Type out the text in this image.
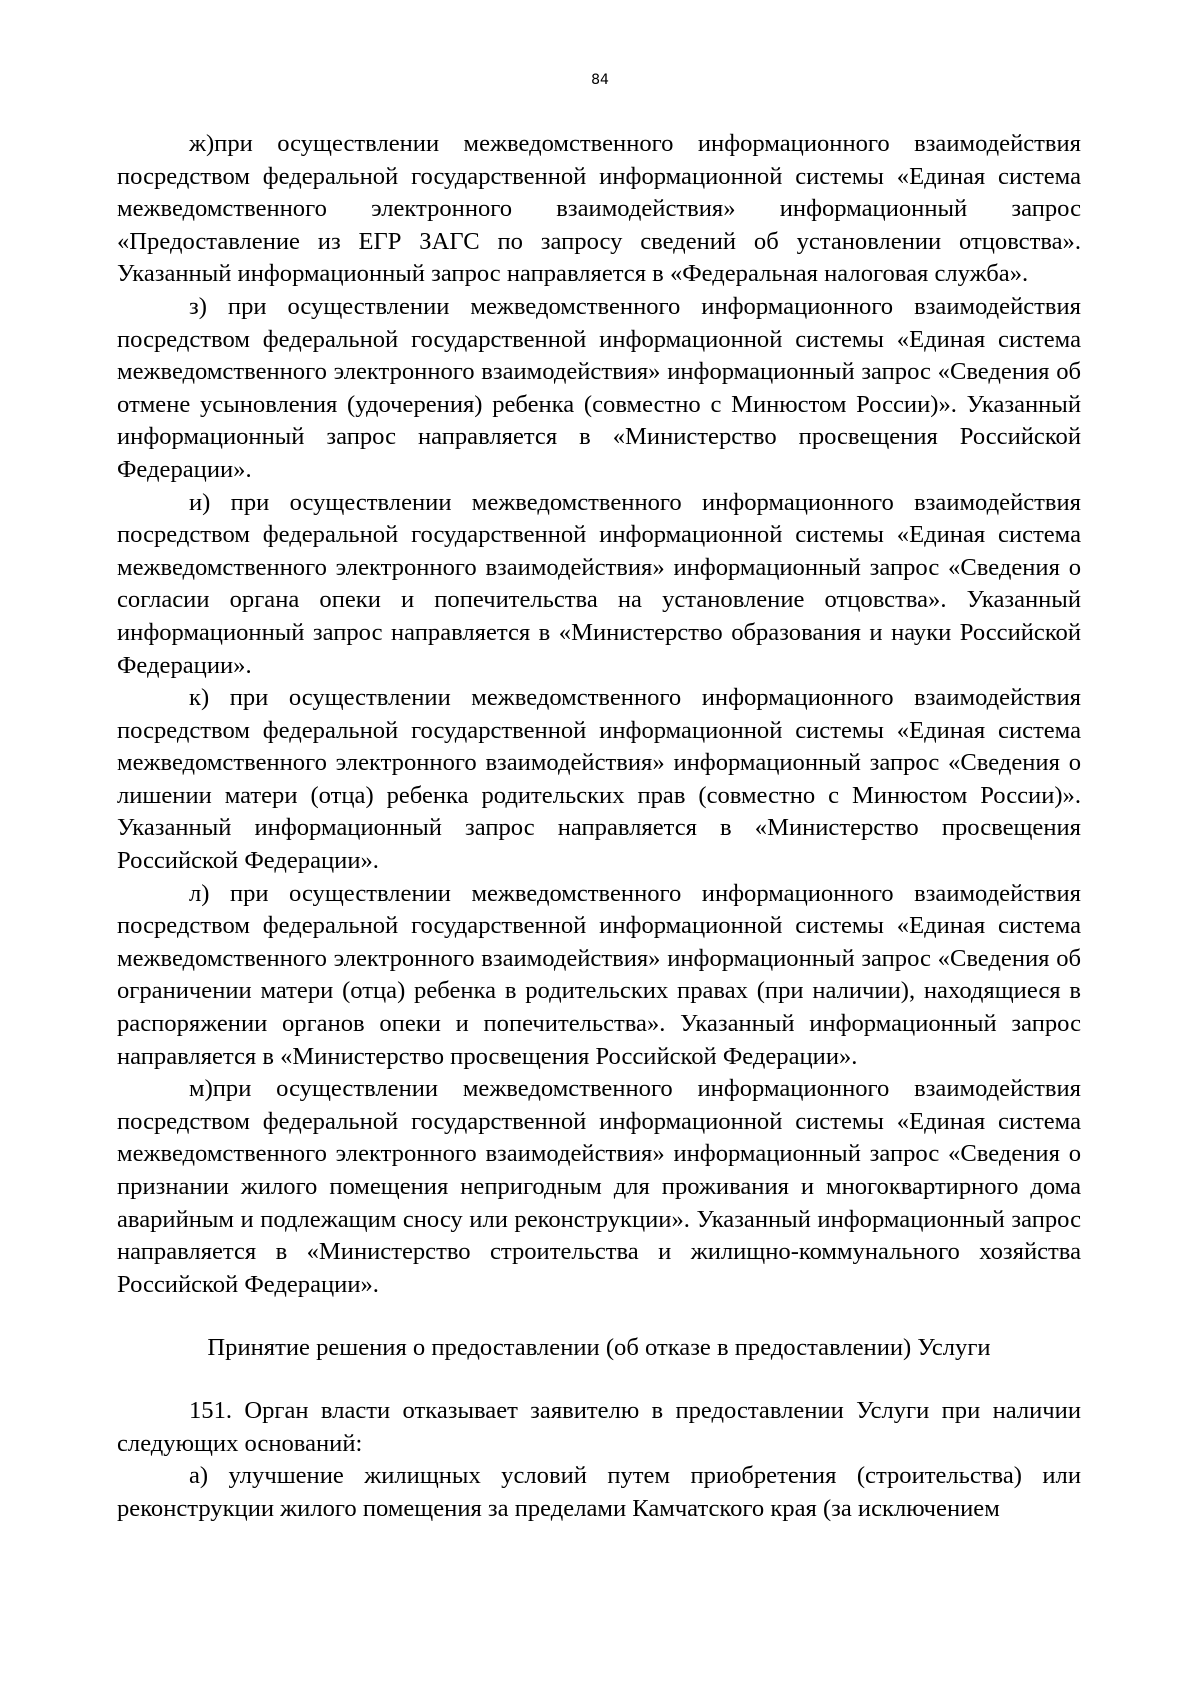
84

ж)при осуществлении межведомственного информационного взаимодействия посредством федеральной государственной информационной системы «Единая система межведомственного электронного взаимодействия» информационный запрос «Предоставление из ЕГР ЗАГС по запросу сведений об установлении отцовства». Указанный информационный запрос направляется в «Федеральная налоговая служба».

з) при осуществлении межведомственного информационного взаимодействия посредством федеральной государственной информационной системы «Единая система межведомственного электронного взаимодействия» информационный запрос «Сведения об отмене усыновления (удочерения) ребенка (совместно с Минюстом России)». Указанный информационный запрос направляется в «Министерство просвещения Российской Федерации».

и) при осуществлении межведомственного информационного взаимодействия посредством федеральной государственной информационной системы «Единая система межведомственного электронного взаимодействия» информационный запрос «Сведения о согласии органа опеки и попечительства на установление отцовства». Указанный информационный запрос направляется в «Министерство образования и науки Российской Федерации».

к) при осуществлении межведомственного информационного взаимодействия посредством федеральной государственной информационной системы «Единая система межведомственного электронного взаимодействия» информационный запрос «Сведения о лишении матери (отца) ребенка родительских прав (совместно с Минюстом России)». Указанный информационный запрос направляется в «Министерство просвещения Российской Федерации».

л) при осуществлении межведомственного информационного взаимодействия посредством федеральной государственной информационной системы «Единая система межведомственного электронного взаимодействия» информационный запрос «Сведения об ограничении матери (отца) ребенка в родительских правах (при наличии), находящиеся в распоряжении органов опеки и попечительства». Указанный информационный запрос направляется в «Министерство просвещения Российской Федерации».

м)при осуществлении межведомственного информационного взаимодействия посредством федеральной государственной информационной системы «Единая система межведомственного электронного взаимодействия» информационный запрос «Сведения о признании жилого помещения непригодным для проживания и многоквартирного дома аварийным и подлежащим сносу или реконструкции». Указанный информационный запрос направляется в «Министерство строительства и жилищно-коммунального хозяйства Российской Федерации».

Принятие решения о предоставлении (об отказе в предоставлении) Услуги

151. Орган власти отказывает заявителю в предоставлении Услуги при наличии следующих оснований:

а) улучшение жилищных условий путем приобретения (строительства) или реконструкции жилого помещения за пределами Камчатского края (за исключением
